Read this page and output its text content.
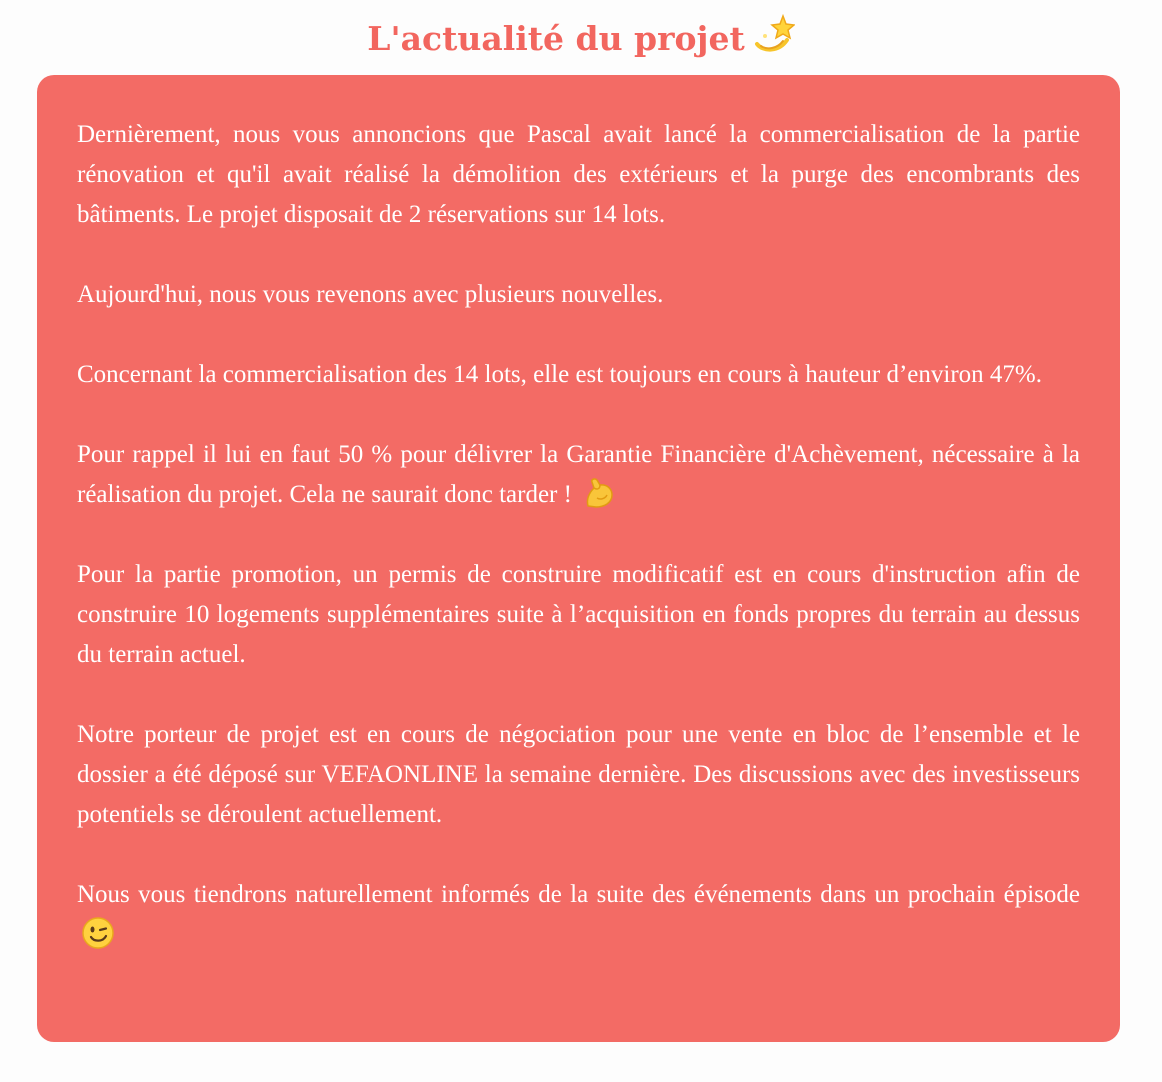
L'actualité du projet

Dernièrement, nous vous annoncions que Pascal avait lancé la commercialisation de la partie rénovation et qu'il avait réalisé la démolition des extérieurs et la purge des encombrants des bâtiments. Le projet disposait de 2 réservations sur 14 lots.

Aujourd'hui, nous vous revenons avec plusieurs nouvelles.

Concernant la commercialisation des 14 lots, elle est toujours en cours à hauteur d’environ 47%.

Pour rappel il lui en faut 50 % pour délivrer la Garantie Financière d'Achèvement, nécessaire à la réalisation du projet. Cela ne saurait donc tarder !

Pour la partie promotion, un permis de construire modificatif est en cours d'instruction afin de construire 10 logements supplémentaires suite à l’acquisition en fonds propres du terrain au dessus du terrain actuel.

Notre porteur de projet est en cours de négociation pour une vente en bloc de l’ensemble et le dossier a été déposé sur VEFAONLINE la semaine dernière. Des discussions avec des investisseurs potentiels se déroulent actuellement.

Nous vous tiendrons naturellement informés de la suite des événements dans un prochain épisode
